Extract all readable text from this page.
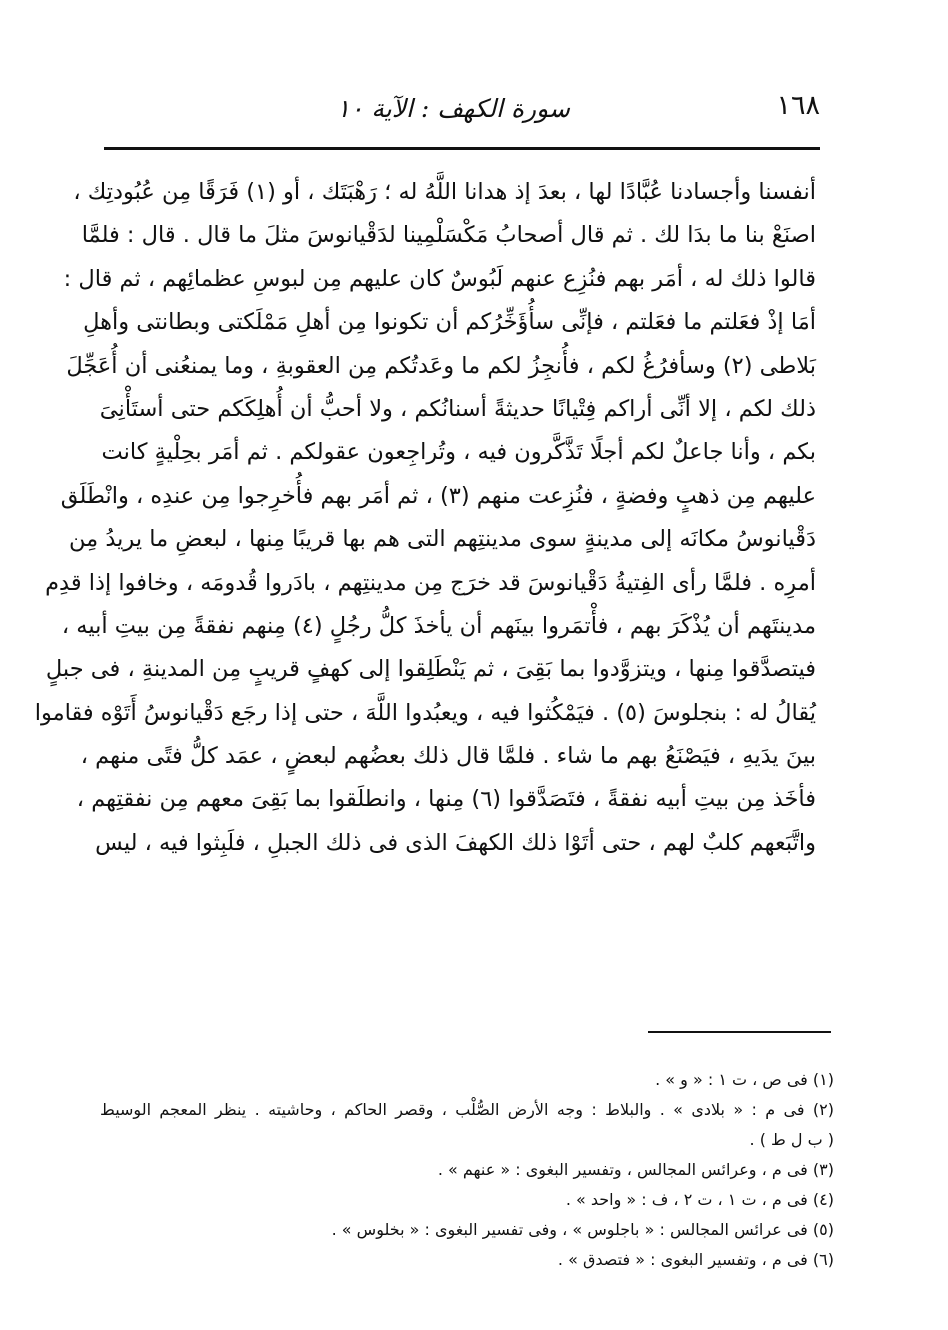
١٦٨
سورة الكهف : الآية ١٠
أنفسنا وأجسادنا عُبَّادًا لها ، بعدَ إذ هدانا اللَّهُ له ؛ رَهْبَتَك ، أو (١) فَرَقًا مِن عُبُودتِك ،
اصنَعْ بنا ما بدَا لك . ثم قال أصحابُ مَكْسَلْمِينا لدَقْيانوسَ مثلَ ما قال . قال : فلمَّا
قالوا ذلك له ، أمَر بهم فنُزِع عنهم لَبُوسٌ كان عليهم مِن لبوسِ عظمائِهم ، ثم قال :
أمَا إذْ فعَلتم ما فعَلتم ، فإنِّى سأُؤَخِّرُكم أن تكونوا مِن أهلِ مَمْلَكتى وبطانتى وأهلِ
بَلاطى (٢) وسأفرُغُ لكم ، فأُنجِزُ لكم ما وعَدتُكم مِن العقوبةِ ، وما يمنعُنى أن أُعَجِّلَ
ذلك لكم ، إلا أنِّى أراكم فِتْيانًا حديثةً أسنانُكم ، ولا أحبُّ أن أُهلِكَكم حتى أستَأْنِىَ
بكم ، وأنا جاعلٌ لكم أجلًا تَذَّكَّرون فيه ، وتُراجِعون عقولكم . ثم أمَر بحِلْيةٍ كانت
عليهم مِن ذهبٍ وفضةٍ ، فنُزِعت منهم (٣) ، ثم أمَر بهم فأُخرِجوا مِن عندِه ، وانْطَلَق
دَقْيانوسُ مكانَه إلى مدينةٍ سوى مدينتِهم التى هم بها قريبًا مِنها ، لبعضِ ما يريدُ مِن
أمرِه . فلمَّا رأى الفِتيةُ دَقْيانوسَ قد خرَج مِن مدينتِهم ، بادَروا قُدومَه ، وخافوا إذا قدِم
مدينتَهم أن يُذْكَرَ بهم ، فأْتمَروا بينَهم أن يأخذَ كلُّ رجُلٍ (٤) مِنهم نفقةً مِن بيتِ أبيه ،
فيتصدَّقوا مِنها ، ويتزوَّدوا بما بَقِىَ ، ثم يَنْطَلِقوا إلى كهفٍ قريبٍ مِن المدينةِ ، فى جبلٍ
يُقالُ له : بنجلوسَ (٥) . فيَمْكُثوا فيه ، ويعبُدوا اللَّهَ ، حتى إذا رجَع دَقْيانوسُ أَتَوْه فقاموا
بينَ يدَيهِ ، فيَصْنَعُ بهم ما شاء . فلمَّا قال ذلك بعضُهم لبعضٍ ، عمَد كلُّ فتًى منهم ،
فأخَذ مِن بيتِ أبيه نفقةً ، فتَصَدَّقوا (٦) مِنها ، وانطلَقوا بما بَقِىَ معهم مِن نفقتِهم ،
واتَّبَعهم كلبٌ لهم ، حتى أتَوْا ذلك الكهفَ الذى فى ذلك الجبلِ ، فلَبِثوا فيه ، ليس
(١) فى ص ، ت ١ : « و » .
(٢) فى م : « بلادى » . والبلاط : وجه الأرض الصُّلْب ، وقصر الحاكم ، وحاشيته . ينظر المعجم الوسيط
( ب ل ط ) .
(٣) فى م ، وعرائس المجالس ، وتفسير البغوى : « عنهم » .
(٤) فى م ، ت ١ ، ت ٢ ، ف : « واحد » .
(٥) فى عرائس المجالس : « باجلوس » ، وفى تفسير البغوى : « بخلوس » .
(٦) فى م ، وتفسير البغوى : « فتصدق » .
